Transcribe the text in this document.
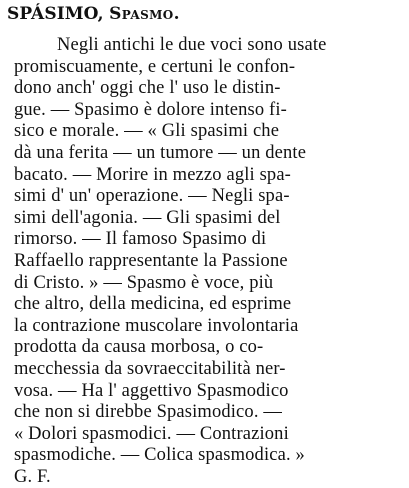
SPÁSIMO, Spasmo.
Negli antichi le due voci sono usate
promiscuamente, e certuni le confon-
dono anch' oggi che l' uso le distin-
gue. — Spasimo è dolore intenso fi-
sico e morale. — « Gli spasimi che
dà una ferita — un tumore — un dente
bacato. — Morire in mezzo agli spa-
simi d' un' operazione. — Negli spa-
simi dell'agonia. — Gli spasimi del
rimorso. — Il famoso Spasimo di
Raffaello rappresentante la Passione
di Cristo. » — Spasmo è voce, più
che altro, della medicina, ed esprime
la contrazione muscolare involontaria
prodotta da causa morbosa, o co-
mecchessia da sovraeccitabilità ner-
vosa. — Ha l' aggettivo Spasmodico
che non si direbbe Spasimodico. —
« Dolori spasmodici. — Contrazioni
spasmodiche. — Colica spasmodica. »
G. F.
